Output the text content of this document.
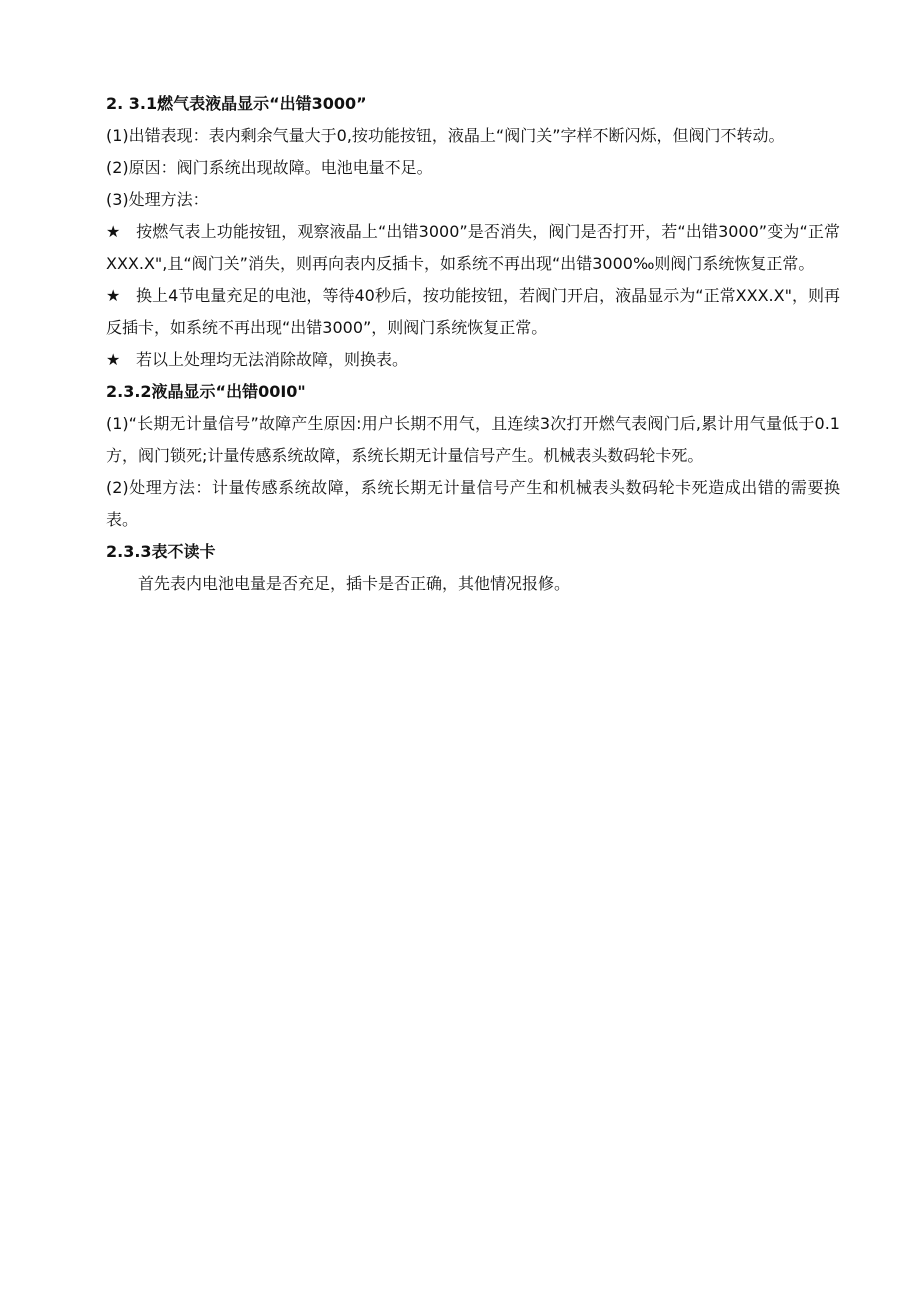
2. 3.1燃气表液晶显示“出错3000”

(1)出错表现：表内剩余气量大于0,按功能按钮，液晶上“阀门关”字样不断闪烁，但阀门不转动。

(2)原因：阀门系统出现故障。电池电量不足。

(3)处理方法：

★ 按燃气表上功能按钮，观察液晶上“出错3000”是否消失，阀门是否打开，若“出错3000”变为“正常XXX.X",且“阀门关”消失，则再向表内反插卡，如系统不再出现“出错3000‰则阀门系统恢复正常。

★ 换上4节电量充足的电池，等待40秒后，按功能按钮，若阀门开启，液晶显示为“正常XXX.X"，则再反插卡，如系统不再出现“出错3000”，则阀门系统恢复正常。

★ 若以上处理均无法消除故障，则换表。

2.3.2液晶显示“出错00I0"

(1)“长期无计量信号”故障产生原因:用户长期不用气，且连续3次打开燃气表阀门后,累计用气量低于0.1方，阀门锁死;计量传感系统故障，系统长期无计量信号产生。机械表头数码轮卡死。

(2)处理方法：计量传感系统故障，系统长期无计量信号产生和机械表头数码轮卡死造成出错的需要换表。

2.3.3表不读卡

首先表内电池电量是否充足，插卡是否正确，其他情况报修。
